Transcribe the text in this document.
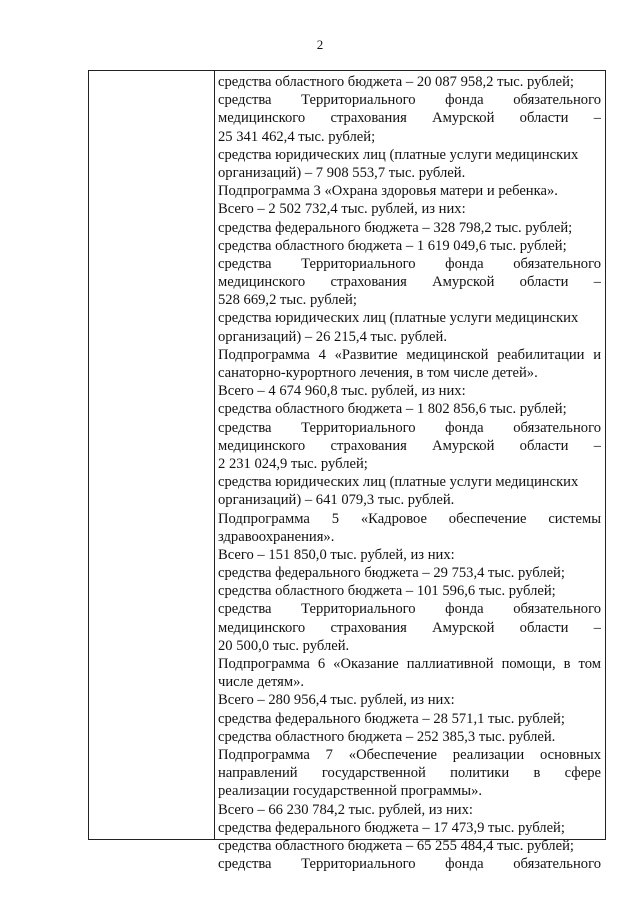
2
средства областного бюджета – 20 087 958,2 тыс. рублей;
средства Территориального фонда обязательного
медицинского страхования Амурской области –
25 341 462,4 тыс. рублей;
средства юридических лиц (платные услуги медицинских
организаций) – 7 908 553,7 тыс. рублей.
Подпрограмма 3 «Охрана здоровья матери и ребенка».
Всего – 2 502 732,4 тыс. рублей, из них:
средства федерального бюджета – 328 798,2 тыс. рублей;
средства областного бюджета – 1 619 049,6 тыс. рублей;
средства Территориального фонда обязательного
медицинского страхования Амурской области –
528 669,2 тыс. рублей;
средства юридических лиц (платные услуги медицинских
организаций) – 26 215,4 тыс. рублей.
Подпрограмма 4 «Развитие медицинской реабилитации и
санаторно-курортного лечения, в том числе детей».
Всего – 4 674 960,8 тыс. рублей, из них:
средства областного бюджета – 1 802 856,6 тыс. рублей;
средства Территориального фонда обязательного
медицинского страхования Амурской области –
2 231 024,9 тыс. рублей;
средства юридических лиц (платные услуги медицинских
организаций) – 641 079,3 тыс. рублей.
Подпрограмма 5 «Кадровое обеспечение системы
здравоохранения».
Всего – 151 850,0 тыс. рублей, из них:
средства федерального бюджета – 29 753,4 тыс. рублей;
средства областного бюджета – 101 596,6 тыс. рублей;
средства Территориального фонда обязательного
медицинского страхования Амурской области –
20 500,0 тыс. рублей.
Подпрограмма 6 «Оказание паллиативной помощи, в том
числе детям».
Всего – 280 956,4 тыс. рублей, из них:
средства федерального бюджета – 28 571,1 тыс. рублей;
средства областного бюджета – 252 385,3 тыс. рублей.
Подпрограмма 7 «Обеспечение реализации основных
направлений государственной политики в сфере
реализации государственной программы».
Всего – 66 230 784,2 тыс. рублей, из них:
средства федерального бюджета – 17 473,9 тыс. рублей;
средства областного бюджета – 65 255 484,4 тыс. рублей;
средства Территориального фонда обязательного
